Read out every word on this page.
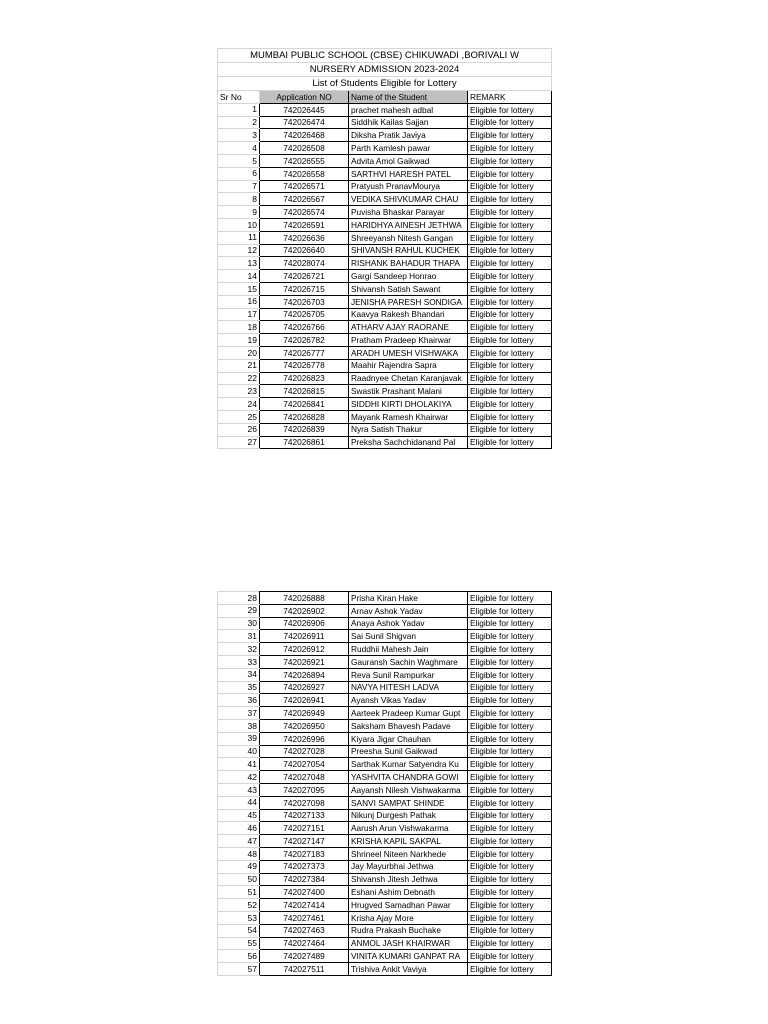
MUMBAI PUBLIC SCHOOL (CBSE) CHIKUWADI ,BORIVALI W			
NURSERY ADMISSION 2023-2024			
List of Students Eligible for Lottery			
Sr No	Application NO	Name of the Student	REMARK
1	742026445	prachet mahesh adbal	Eligible for lottery
2	742026474	Siddhik Kailas Sajjan	Eligible for lottery
3	742026468	Diksha Pratik Javiya	Eligible for lottery
4	742026508	Parth Kamlesh pawar	Eligible for lottery
5	742026555	Advita Amol Gaikwad	Eligible for lottery
6	742026558	SARTHVI HARESH PATEL	Eligible for lottery
7	742026571	Pratyush PranavMourya	Eligible for lottery
8	742026567	VEDIKA SHIVKUMAR CHAU	Eligible for lottery
9	742026574	Puvisha Bhaskar Parayar	Eligible for lottery
10	742026591	HARIDHYA AINESH JETHWA	Eligible for lottery
11	742026636	Shreeyansh Nitesh Gangan	Eligible for lottery
12	742026640	SHIVANSH RAHUL KUCHEK	Eligible for lottery
13	742028074	RISHANK BAHADUR THAPA	Eligible for lottery
14	742026721	Gargi Sandeep Honrao	Eligible for lottery
15	742026715	Shivansh Satish Sawant	Eligible for lottery
16	742026703	JENISHA PARESH SONDIGA	Eligible for lottery
17	742026705	Kaavya Rakesh Bhandari	Eligible for lottery
18	742026766	ATHARV AJAY RAORANE	Eligible for lottery
19	742026782	Pratham Pradeep Khairwar	Eligible for lottery
20	742026777	ARADH UMESH VISHWAKA	Eligible for lottery
21	742026778	Maahir Rajendra Sapra	Eligible for lottery
22	742026823	Raadnyee Chetan Karanjavak	Eligible for lottery
23	742026815	Swastik Prashant Malani	Eligible for lottery
24	742026841	SIDDHI KIRTI DHOLAKIYA	Eligible for lottery
25	742026828	Mayank Ramesh Khairwar	Eligible for lottery
26	742026839	Nyra Satish Thakur	Eligible for lottery
27	742026861	Preksha Sachchidanand Pal	Eligible for lottery
28	742026888	Prisha Kiran Hake	Eligible for lottery
29	742026902	Arnav Ashok Yadav	Eligible for lottery
30	742026906	Anaya Ashok Yadav	Eligible for lottery
31	742026911	Sai Sunil Shigvan	Eligible for lottery
32	742026912	Ruddhii Mahesh Jain	Eligible for lottery
33	742026921	Gauransh Sachin Waghmare	Eligible for lottery
34	742026894	Reva Sunil Rampurkar	Eligible for lottery
35	742026927	NAVYA HITESH LADVA	Eligible for lottery
36	742026941	Ayansh Vikas Yadav	Eligible for lottery
37	742026949	Aarteek Pradeep Kumar Gupt	Eligible for lottery
38	742026950	Saksham Bhavesh Padave	Eligible for lottery
39	742026996	Kiyara Jigar Chauhan	Eligible for lottery
40	742027028	Preesha Sunil Gaikwad	Eligible for lottery
41	742027054	Sarthak Kumar Satyendra Ku	Eligible for lottery
42	742027048	YASHVITA CHANDRA GOWI	Eligible for lottery
43	742027095	Aayansh Nilesh Vishwakarma	Eligible for lottery
44	742027098	SANVI SAMPAT SHINDE	Eligible for lottery
45	742027133	Nikunj Durgesh Pathak	Eligible for lottery
46	742027151	Aarush Arun Vishwakarma	Eligible for lottery
47	742027147	KRISHA KAPIL SAKPAL	Eligible for lottery
48	742027183	Shrineel Niteen Narkhede	Eligible for lottery
49	742027373	Jay Mayurbhai Jethwa	Eligible for lottery
50	742027384	Shivansh Jitesh Jethwa	Eligible for lottery
51	742027400	Eshani Ashim Debnath	Eligible for lottery
52	742027414	Hrugved Samadhan Pawar	Eligible for lottery
53	742027461	Krisha Ajay More	Eligible for lottery
54	742027463	Rudra Prakash Buchake	Eligible for lottery
55	742027464	ANMOL JASH KHAIRWAR	Eligible for lottery
56	742027489	VINITA KUMARI GANPAT RA	Eligible for lottery
57	742027511	Trishiva Ankit Vaviya	Eligible for lottery
